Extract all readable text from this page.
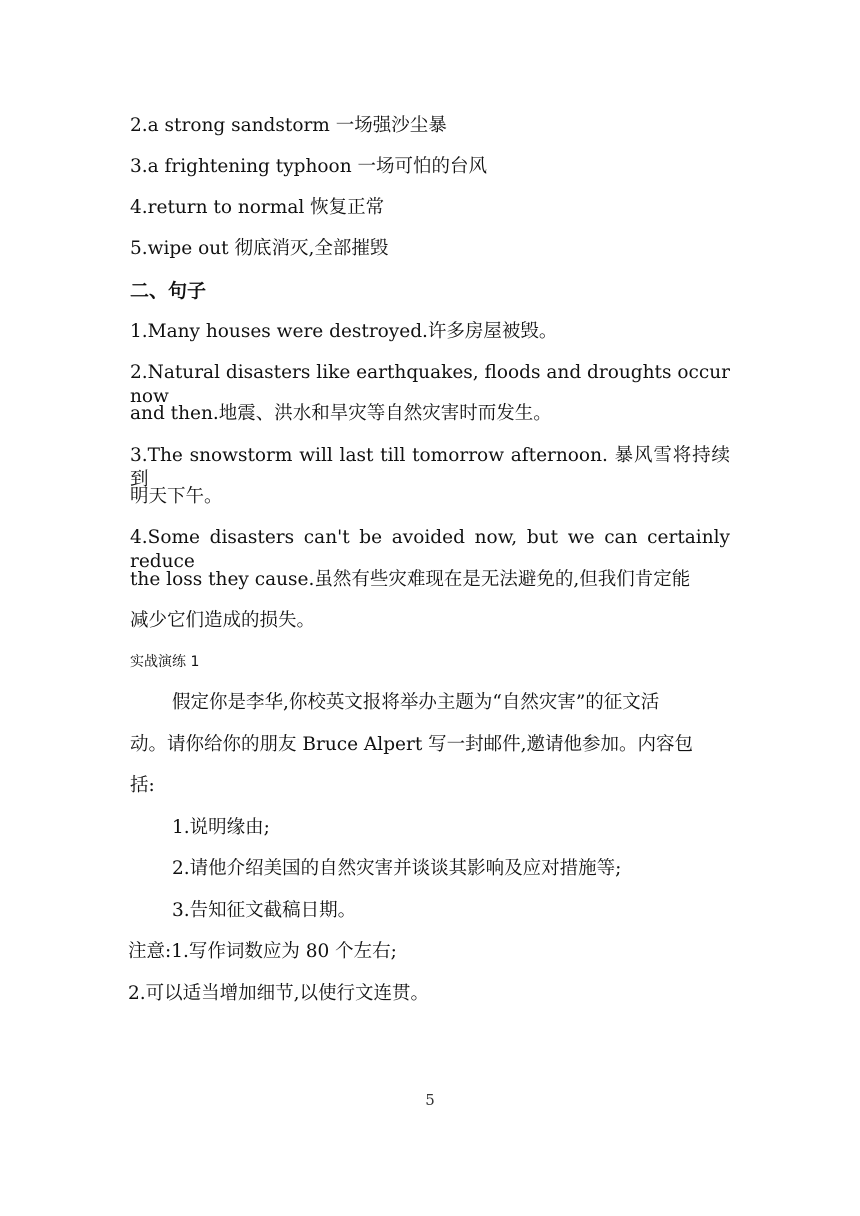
2.a strong sandstorm 一场强沙尘暴
3.a frightening typhoon 一场可怕的台风
4.return to normal 恢复正常
5.wipe out 彻底消灭,全部摧毁
二、句子
1.Many houses were destroyed.许多房屋被毁。
2.Natural disasters like earthquakes, floods and droughts occur now
and then.地震、洪水和旱灾等自然灾害时而发生。
3.The snowstorm will last till tomorrow afternoon. 暴风雪将持续到
明天下午。
4.Some disasters can't be avoided now, but we can certainly reduce
the loss they cause.虽然有些灾难现在是无法避免的,但我们肯定能
减少它们造成的损失。
实战演练 1
假定你是李华,你校英文报将举办主题为“自然灾害”的征文活
动。请你给你的朋友 Bruce Alpert 写一封邮件,邀请他参加。内容包
括:
1.说明缘由;
2.请他介绍美国的自然灾害并谈谈其影响及应对措施等;
3.告知征文截稿日期。
注意:1.写作词数应为 80 个左右;
2.可以适当增加细节,以使行文连贯。
5
